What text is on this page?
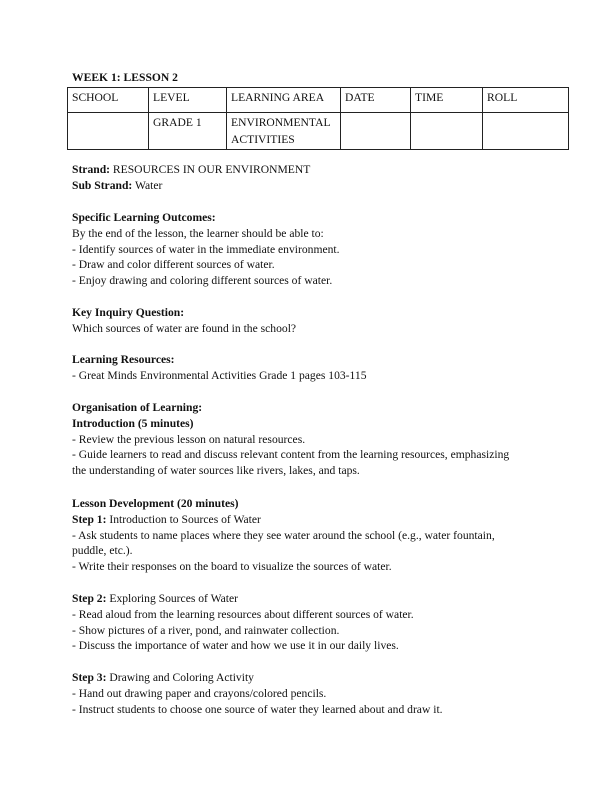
WEEK 1: LESSON 2
SCHOOL	LEVEL	LEARNING AREA	DATE	TIME	ROLL
	GRADE 1	ENVIRONMENTAL
ACTIVITIES			
Strand: RESOURCES IN OUR ENVIRONMENT
Sub Strand: Water
Specific Learning Outcomes:
By the end of the lesson, the learner should be able to:
- Identify sources of water in the immediate environment.
- Draw and color different sources of water.
- Enjoy drawing and coloring different sources of water.
Key Inquiry Question:
Which sources of water are found in the school?
Learning Resources:
- Great Minds Environmental Activities Grade 1 pages 103-115
Organisation of Learning:
Introduction (5 minutes)
- Review the previous lesson on natural resources.
- Guide learners to read and discuss relevant content from the learning resources, emphasizing
the understanding of water sources like rivers, lakes, and taps.
Lesson Development (20 minutes)
Step 1: Introduction to Sources of Water
- Ask students to name places where they see water around the school (e.g., water fountain,
puddle, etc.).
- Write their responses on the board to visualize the sources of water.
Step 2: Exploring Sources of Water
- Read aloud from the learning resources about different sources of water.
- Show pictures of a river, pond, and rainwater collection.
- Discuss the importance of water and how we use it in our daily lives.
Step 3: Drawing and Coloring Activity
- Hand out drawing paper and crayons/colored pencils.
- Instruct students to choose one source of water they learned about and draw it.
